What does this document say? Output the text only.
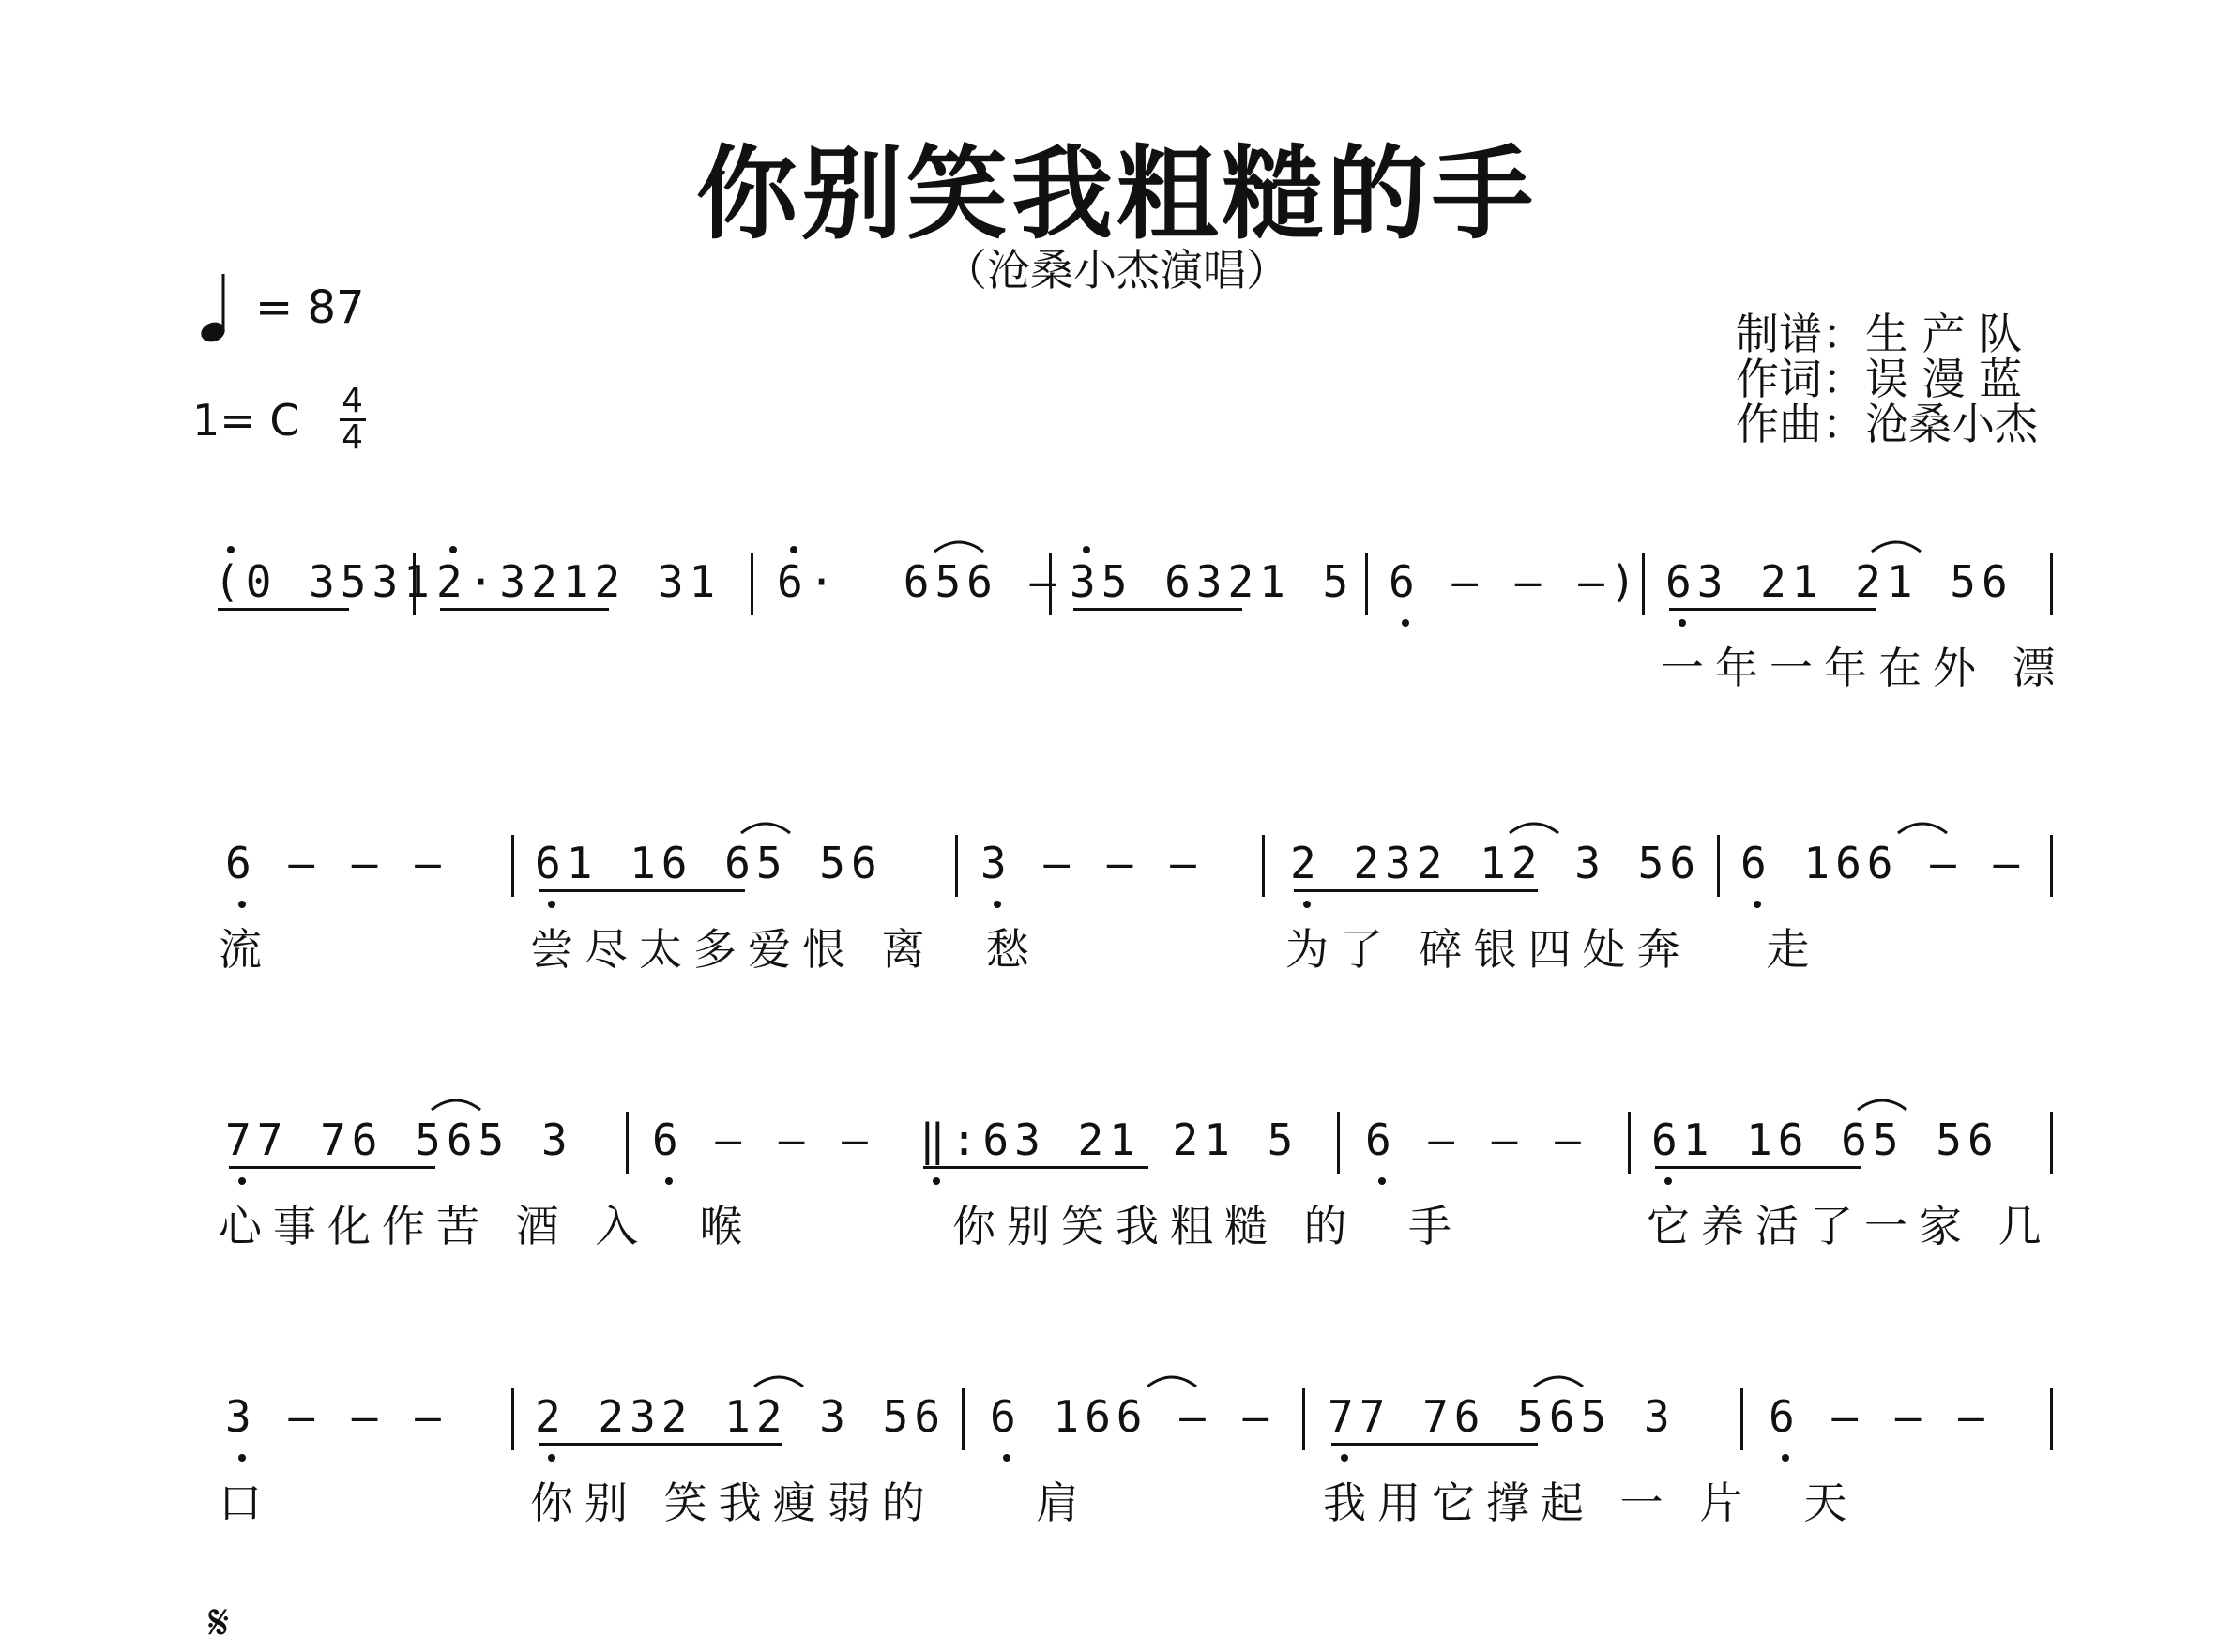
你别笑我粗糙的手
（沧桑小杰演唱）
= 87
1= C 4
4
制谱：生 产 队
作词：误 漫 蓝
作曲：沧桑小杰
(0 3531 2·3212 31 6·  656 – 35 6321 5 6 – – –) 63 21 21 56
一年一年在外 漂
6 – – – 61 16 65 56 3 – – – 2 232 12 3 56 6 166 – –
流	尝尽太多爱恨 离  愁	为了 碎银四处奔   走
77 76 565 3 6 – – – ‖:63 21 21 5 6 – – – 61 16 65 56
心事化作苦 酒 入  喉	你别笑我粗糙 的  手	它养活了一家 几
3 – – – 2 232 12 3 56 6 166 – – 77 76 565 3 6 – – –
口	你别 笑我瘦弱的    肩	我用它撑起 一 片  天
𝄋
